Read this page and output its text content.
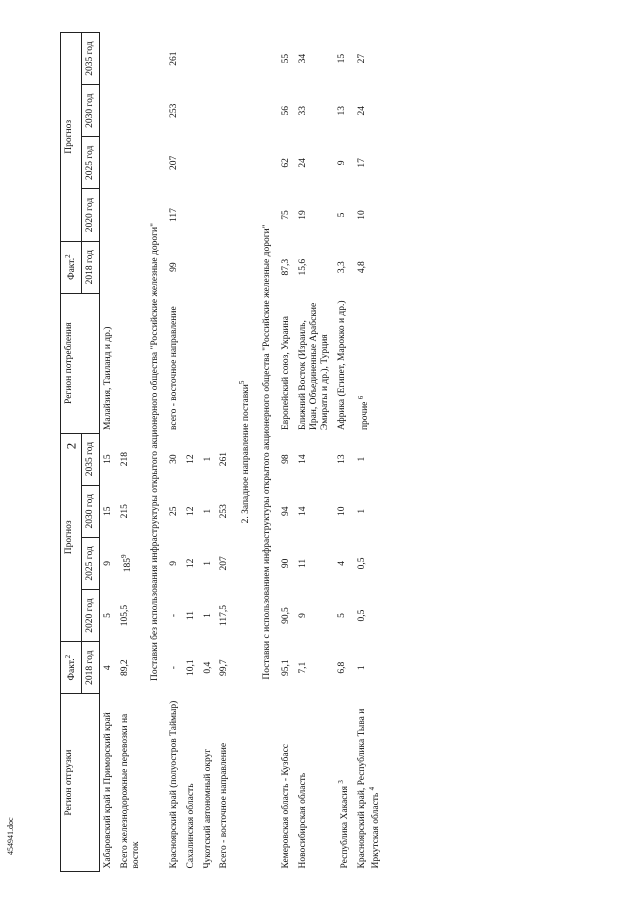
2
Регион отгрузки	Факт.$^2$	Прогноз				Регион потребления	Факт.$^2$	Прогноз			
	2018 год	2020 год	2025 год	2030 год	2035 год		2018 год	2020 год	2025 год	2030 год	2035 год
Хабаровский край и Приморский край	4	5	9	15	15	Малайзия, Таиланд и др.)					
Всего железнодорожные перевозки на восток	89,2	105,5	$185^9$	215	218						
Поставки без использования инфраструктуры открытого акционерного общества "Российские железные дороги"											
Красноярский край (полуостров Таймыр)	-	-	9	25	30	всего - восточное направление	99	117	207	253	261
Сахалинская область	10,1	11	12	12	12						
Чукотский автономный округ	0,4	1	1	1	1						
Всего - восточное направление	99,7	117,5	207	253	261						
2. Западное направление поставки$^5$
Поставки с использованием инфраструктуры открытого акционерного общества "Российские железные дороги"											
Кемеровская область - Кузбасс	95,1	90,5	90	94	98	Европейский союз, Украина	87,3	75	62	56	55
Новосибирская область	7,1	9	11	14	14	Ближний Восток (Израиль, Иран, Объединенные Арабские Эмираты и др.), Турция	15,6	19	24	33	34
Республика Хакасия $^3$	6,8	5	4	10	13	Африка (Египет, Марокко и др.)	3,3	5	9	13	15
Красноярский край, Республика Тыва и Иркутская область $^4$	1	0,5	0,5	1	1	прочие $^6$	4,8	10	17	24	27
454941.doc
